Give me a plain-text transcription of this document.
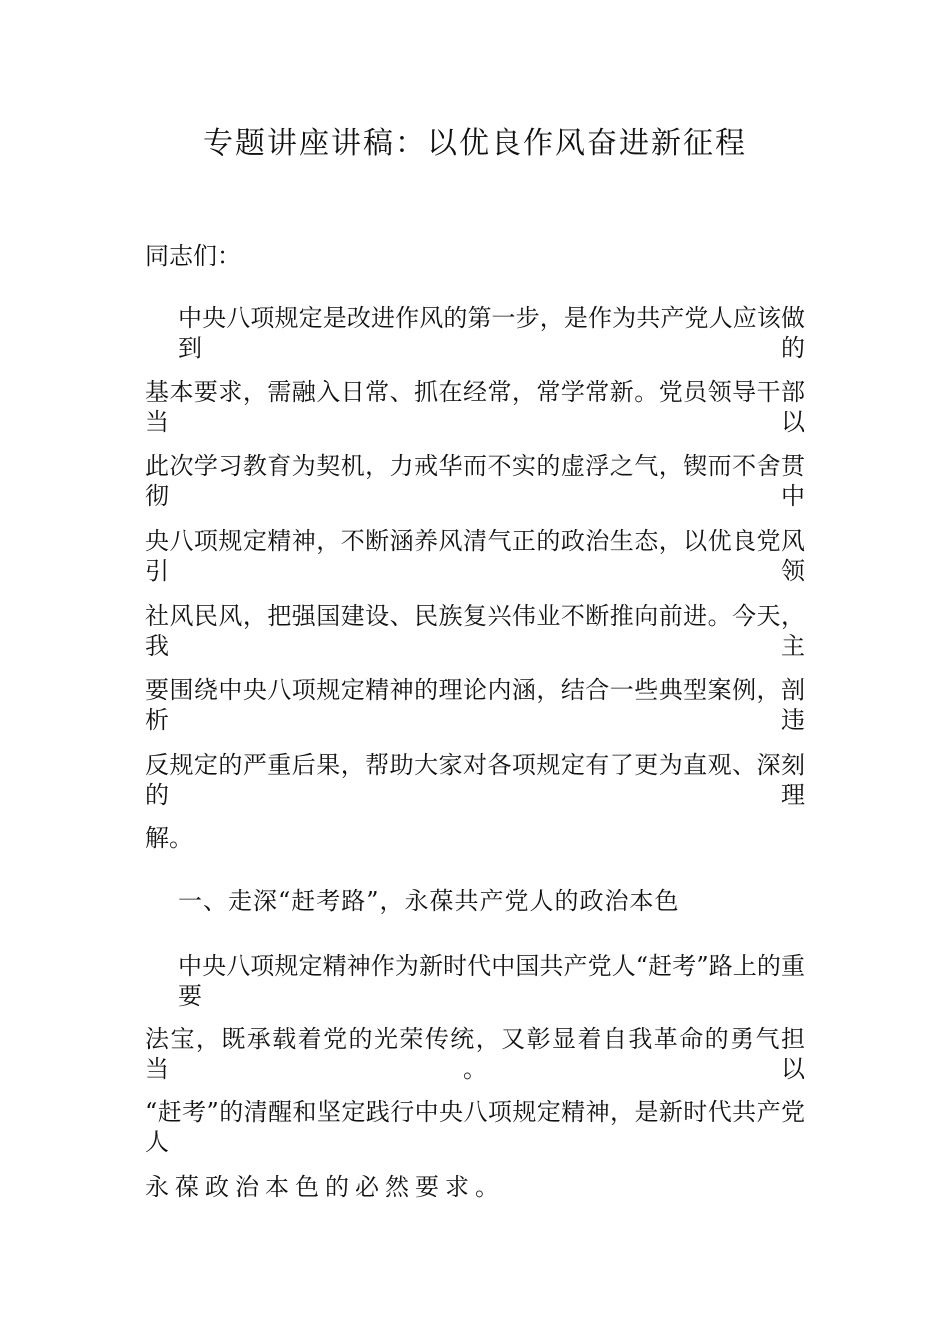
专题讲座讲稿：以优良作风奋进新征程
同志们：
中央八项规定是改进作风的第一步，是作为共产党人应该做到的
基本要求，需融入日常、抓在经常，常学常新。党员领导干部当以
此次学习教育为契机，力戒华而不实的虚浮之气，锲而不舍贯彻中
央八项规定精神，不断涵养风清气正的政治生态，以优良党风引领
社风民风，把强国建设、民族复兴伟业不断推向前进。今天，我主
要围绕中央八项规定精神的理论内涵，结合一些典型案例，剖析违
反规定的严重后果，帮助大家对各项规定有了更为直观、深刻的理
解。
一、走深“赶考路”，永葆共产党人的政治本色
中央八项规定精神作为新时代中国共产党人“赶考”路上的重要
法宝，既承载着党的光荣传统，又彰显着自我革命的勇气担当。以
“赶考”的清醒和坚定践行中央八项规定精神，是新时代共产党人
永葆政治本色的必然要求。
